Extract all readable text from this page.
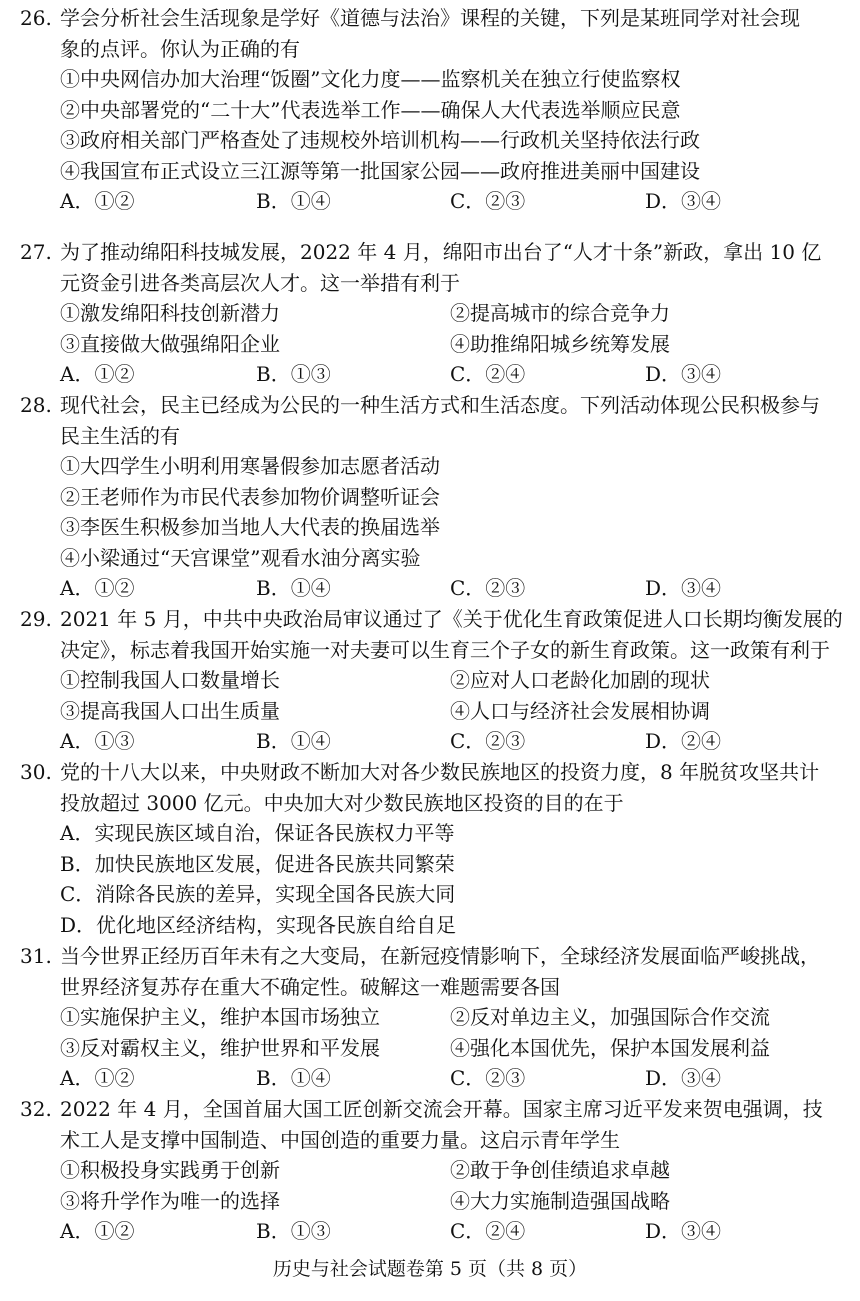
26. 学会分析社会生活现象是学好《道德与法治》课程的关键，下列是某班同学对社会现
象的点评。你认为正确的有
①中央网信办加大治理“饭圈”文化力度——监察机关在独立行使监察权
②中央部署党的“二十大”代表选举工作——确保人大代表选举顺应民意
③政府相关部门严格查处了违规校外培训机构——行政机关坚持依法行政
④我国宣布正式设立三江源等第一批国家公园——政府推进美丽中国建设
A．①②	B．①④	C．②③	D．③④
27. 为了推动绵阳科技城发展，2022 年 4 月，绵阳市出台了“人才十条”新政，拿出 10 亿
元资金引进各类高层次人才。这一举措有利于
①激发绵阳科技创新潜力	②提高城市的综合竞争力
③直接做大做强绵阳企业	④助推绵阳城乡统筹发展
A．①②	B．①③	C．②④	D．③④
28. 现代社会，民主已经成为公民的一种生活方式和生活态度。下列活动体现公民积极参与
民主生活的有
①大四学生小明利用寒暑假参加志愿者活动
②王老师作为市民代表参加物价调整听证会
③李医生积极参加当地人大代表的换届选举
④小梁通过“天宫课堂”观看水油分离实验
A．①②	B．①④	C．②③	D．③④
29. 2021 年 5 月，中共中央政治局审议通过了《关于优化生育政策促进人口长期均衡发展的
决定》，标志着我国开始实施一对夫妻可以生育三个子女的新生育政策。这一政策有利于
①控制我国人口数量增长	②应对人口老龄化加剧的现状
③提高我国人口出生质量	④人口与经济社会发展相协调
A．①③	B．①④	C．②③	D．②④
30. 党的十八大以来，中央财政不断加大对各少数民族地区的投资力度，8 年脱贫攻坚共计
投放超过 3000 亿元。中央加大对少数民族地区投资的目的在于
A．实现民族区域自治，保证各民族权力平等
B．加快民族地区发展，促进各民族共同繁荣
C．消除各民族的差异，实现全国各民族大同
D．优化地区经济结构，实现各民族自给自足
31. 当今世界正经历百年未有之大变局，在新冠疫情影响下，全球经济发展面临严峻挑战，
世界经济复苏存在重大不确定性。破解这一难题需要各国
①实施保护主义，维护本国市场独立	②反对单边主义，加强国际合作交流
③反对霸权主义，维护世界和平发展	④强化本国优先，保护本国发展利益
A．①②	B．①④	C．②③	D．③④
32. 2022 年 4 月，全国首届大国工匠创新交流会开幕。国家主席习近平发来贺电强调，技
术工人是支撑中国制造、中国创造的重要力量。这启示青年学生
①积极投身实践勇于创新	②敢于争创佳绩追求卓越
③将升学作为唯一的选择	④大力实施制造强国战略
A．①②	B．①③	C．②④	D．③④
历史与社会试题卷第 5 页（共 8 页）
